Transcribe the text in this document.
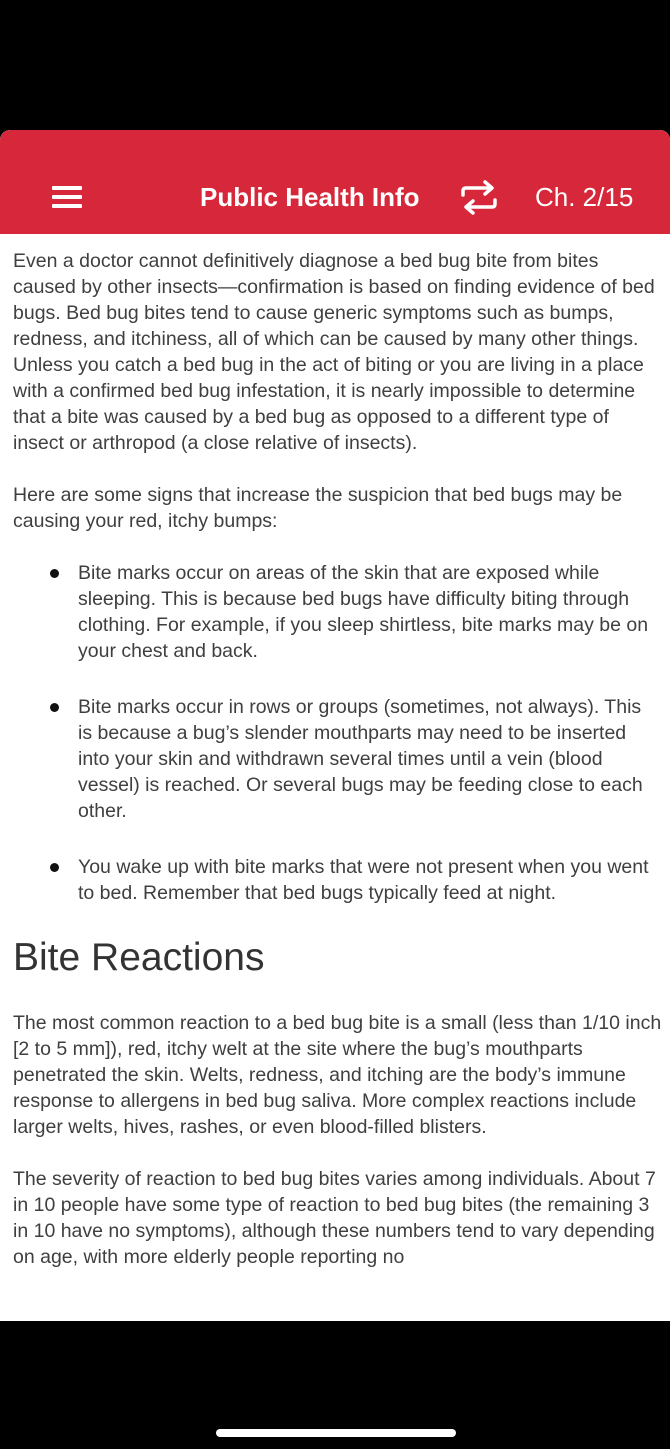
Public Health Info	Ch. 2/15

Even a doctor cannot definitively diagnose a bed bug bite from bites caused by other insects—confirmation is based on finding evidence of bed bugs. Bed bug bites tend to cause generic symptoms such as bumps, redness, and itchiness, all of which can be caused by many other things. Unless you catch a bed bug in the act of biting or you are living in a place with a confirmed bed bug infestation, it is nearly impossible to determine that a bite was caused by a bed bug as opposed to a different type of insect or arthropod (a close relative of insects).

Here are some signs that increase the suspicion that bed bugs may be causing your red, itchy bumps:

Bite marks occur on areas of the skin that are exposed while sleeping. This is because bed bugs have difficulty biting through clothing. For example, if you sleep shirtless, bite marks may be on your chest and back.
Bite marks occur in rows or groups (sometimes, not always). This is because a bug’s slender mouthparts may need to be inserted into your skin and withdrawn several times until a vein (blood vessel) is reached. Or several bugs may be feeding close to each other.
You wake up with bite marks that were not present when you went to bed. Remember that bed bugs typically feed at night.
Bite Reactions

The most common reaction to a bed bug bite is a small (less than 1/10 inch [2 to 5 mm]), red, itchy welt at the site where the bug’s mouthparts penetrated the skin. Welts, redness, and itching are the body’s immune response to allergens in bed bug saliva. More complex reactions include larger welts, hives, rashes, or even blood-filled blisters.

The severity of reaction to bed bug bites varies among individuals. About 7 in 10 people have some type of reaction to bed bug bites (the remaining 3 in 10 have no symptoms), although these numbers tend to vary depending on age, with more elderly people reporting no
